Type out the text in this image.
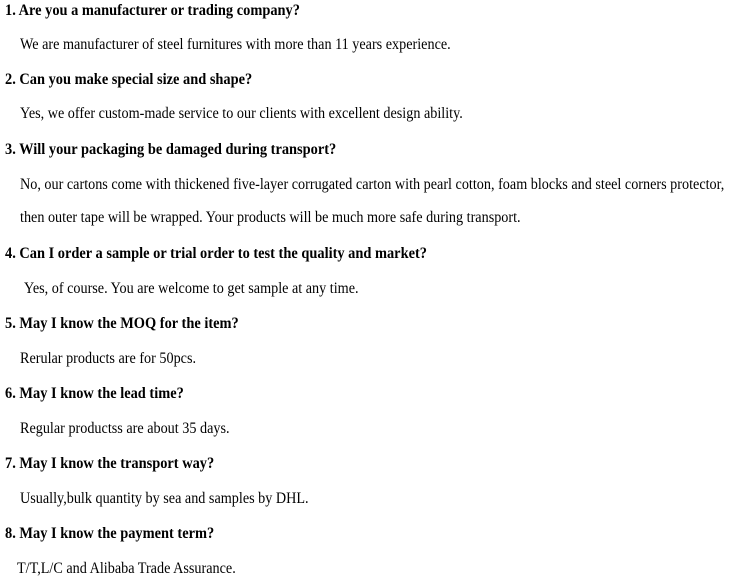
1. Are you a manufacturer or trading company?
We are manufacturer of steel furnitures with more than 11 years experience.
2. Can you make special size and shape?
Yes, we offer custom-made service to our clients with excellent design ability.
3. Will your packaging be damaged during transport?
No, our cartons come with thickened five-layer corrugated carton with pearl cotton, foam blocks and steel corners protector,
then outer tape will be wrapped. Your products will be much more safe during transport.
4. Can I order a sample or trial order to test the quality and market?
Yes, of course. You are welcome to get sample at any time.
5. May I know the MOQ for the item?
Rerular products are for 50pcs.
6. May I know the lead time?
Regular productss are about 35 days.
7. May I know the transport way?
Usually,bulk quantity by sea and samples by DHL.
8. May I know the payment term?
T/T,L/C and Alibaba Trade Assurance.
